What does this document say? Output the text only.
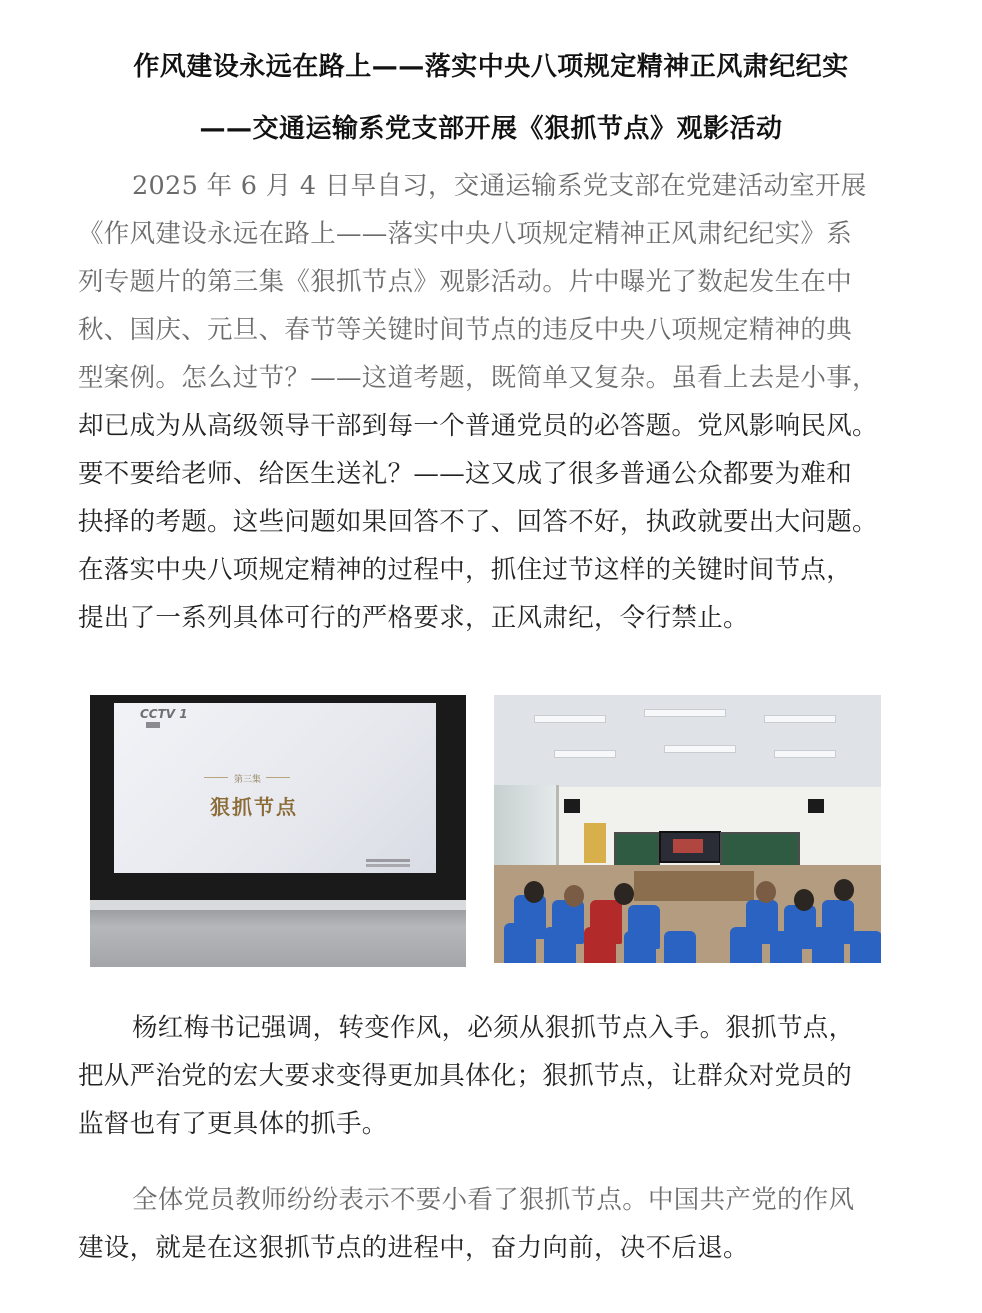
作风建设永远在路上——落实中央八项规定精神正风肃纪纪实
——交通运输系党支部开展《狠抓节点》观影活动
2025 年 6 月 4 日早自习，交通运输系党支部在党建活动室开展
《作风建设永远在路上——落实中央八项规定精神正风肃纪纪实》系
列专题片的第三集《狠抓节点》观影活动。片中曝光了数起发生在中
秋、国庆、元旦、春节等关键时间节点的违反中央八项规定精神的典
型案例。怎么过节？——这道考题，既简单又复杂。虽看上去是小事，
却已成为从高级领导干部到每一个普通党员的必答题。党风影响民风。
要不要给老师、给医生送礼？——这又成了很多普通公众都要为难和
抉择的考题。这些问题如果回答不了、回答不好，执政就要出大问题。
在落实中央八项规定精神的过程中，抓住过节这样的关键时间节点，
提出了一系列具体可行的严格要求，正风肃纪，令行禁止。
CCTV 1
第三集
狠抓节点
杨红梅书记强调，转变作风，必须从狠抓节点入手。狠抓节点，
把从严治党的宏大要求变得更加具体化；狠抓节点，让群众对党员的
监督也有了更具体的抓手。
全体党员教师纷纷表示不要小看了狠抓节点。中国共产党的作风
建设，就是在这狠抓节点的进程中，奋力向前，决不后退。
